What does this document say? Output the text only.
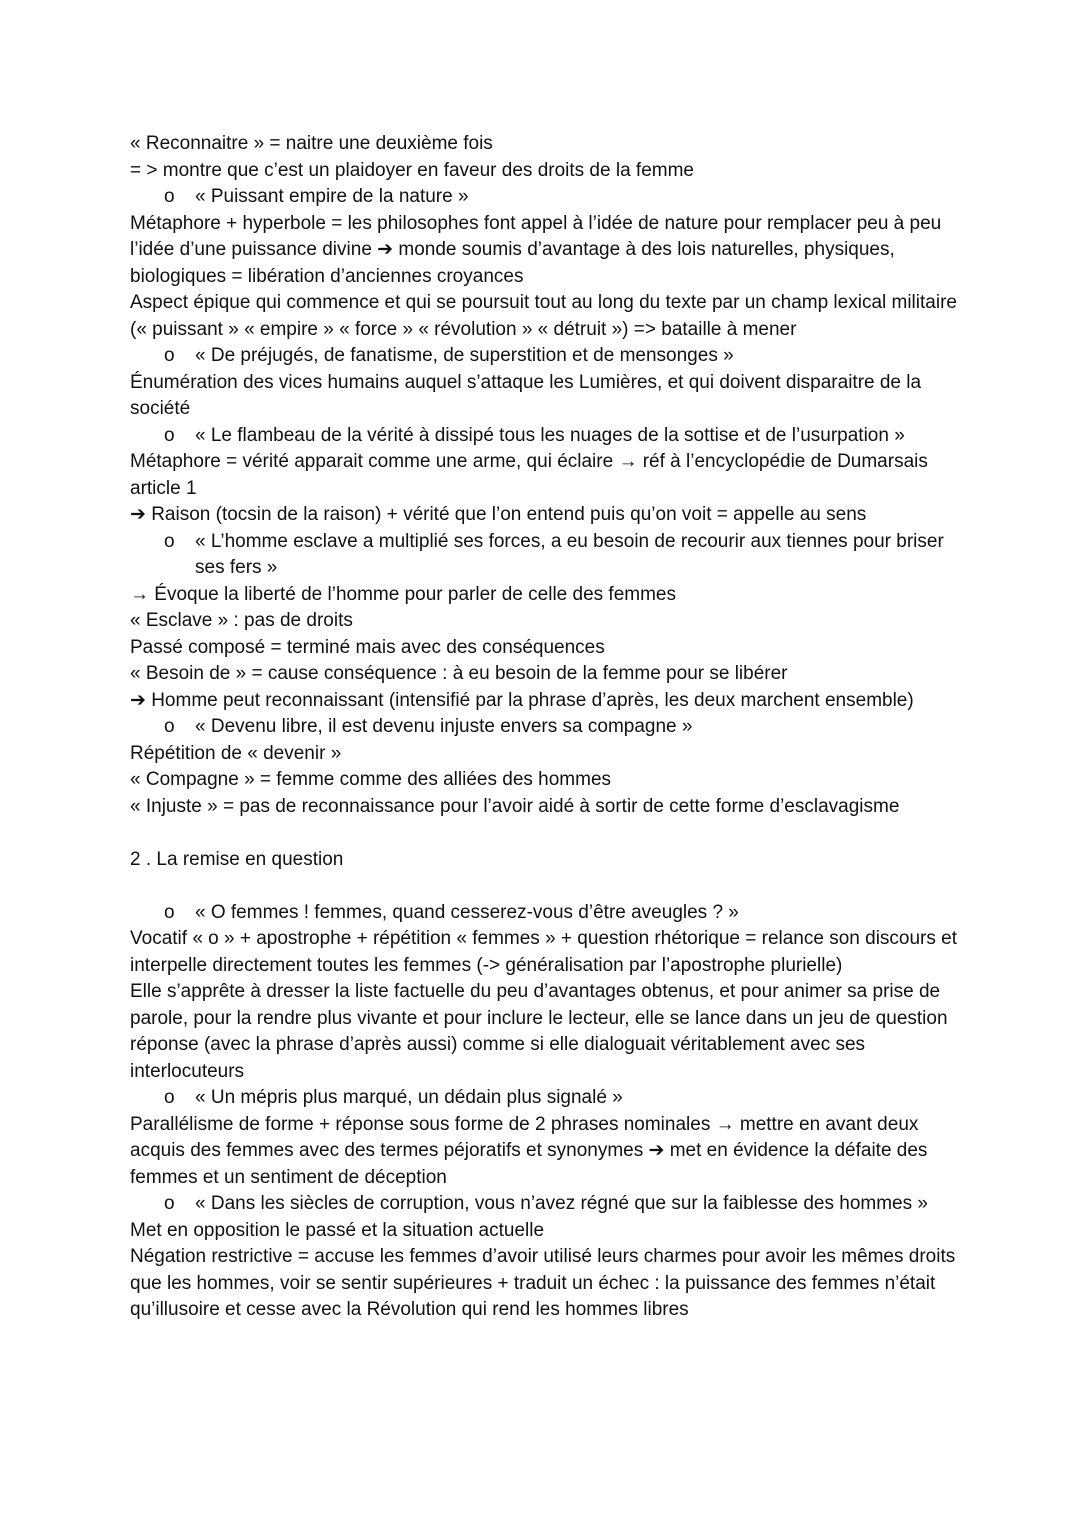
« Reconnaitre » = naitre une deuxième fois
= > montre que c’est un plaidoyer en faveur des droits de la femme
o « Puissant empire de la nature »
Métaphore + hyperbole = les philosophes font appel à l’idée de nature pour remplacer peu à peu l’idée d’une puissance divine ➔ monde soumis d’avantage à des lois naturelles, physiques, biologiques = libération d’anciennes croyances
Aspect épique qui commence et qui se poursuit tout au long du texte par un champ lexical militaire (« puissant » « empire » « force » « révolution » « détruit ») => bataille à mener
o « De préjugés, de fanatisme, de superstition et de mensonges »
Énumération des vices humains auquel s’attaque les Lumières, et qui doivent disparaitre de la société
o « Le flambeau de la vérité à dissipé tous les nuages de la sottise et de l’usurpation »
Métaphore = vérité apparait comme une arme, qui éclaire → réf à l’encyclopédie de Dumarsais article 1
➔ Raison (tocsin de la raison) + vérité que l’on entend puis qu’on voit = appelle au sens
o « L’homme esclave a multiplié ses forces, a eu besoin de recourir aux tiennes pour briser ses fers »
→ Évoque la liberté de l’homme pour parler de celle des femmes
« Esclave » : pas de droits
Passé composé = terminé mais avec des conséquences
« Besoin de » = cause conséquence : à eu besoin de la femme pour se libérer
➔ Homme peut reconnaissant (intensifié par la phrase d’après, les deux marchent ensemble)
o « Devenu libre, il est devenu injuste envers sa compagne »
Répétition de « devenir »
« Compagne » = femme comme des alliées des hommes
« Injuste » = pas de reconnaissance pour l’avoir aidé à sortir de cette forme d’esclavagisme
2 . La remise en question
o « O femmes ! femmes, quand cesserez-vous d’être aveugles ? »
Vocatif « o » + apostrophe + répétition « femmes » + question rhétorique = relance son discours et interpelle directement toutes les femmes (-> généralisation par l’apostrophe plurielle)
Elle s’apprête à dresser la liste factuelle du peu d’avantages obtenus, et pour animer sa prise de parole, pour la rendre plus vivante et pour inclure le lecteur, elle se lance dans un jeu de question réponse (avec la phrase d’après aussi) comme si elle dialoguait véritablement avec ses interlocuteurs
o « Un mépris plus marqué, un dédain plus signalé »
Parallélisme de forme + réponse sous forme de 2 phrases nominales → mettre en avant deux acquis des femmes avec des termes péjoratifs et synonymes ➔ met en évidence la défaite des femmes et un sentiment de déception
o « Dans les siècles de corruption, vous n’avez régné que sur la faiblesse des hommes »
Met en opposition le passé et la situation actuelle
Négation restrictive = accuse les femmes d’avoir utilisé leurs charmes pour avoir les mêmes droits que les hommes, voir se sentir supérieures + traduit un échec : la puissance des femmes n’était qu’illusoire et cesse avec la Révolution qui rend les hommes libres
